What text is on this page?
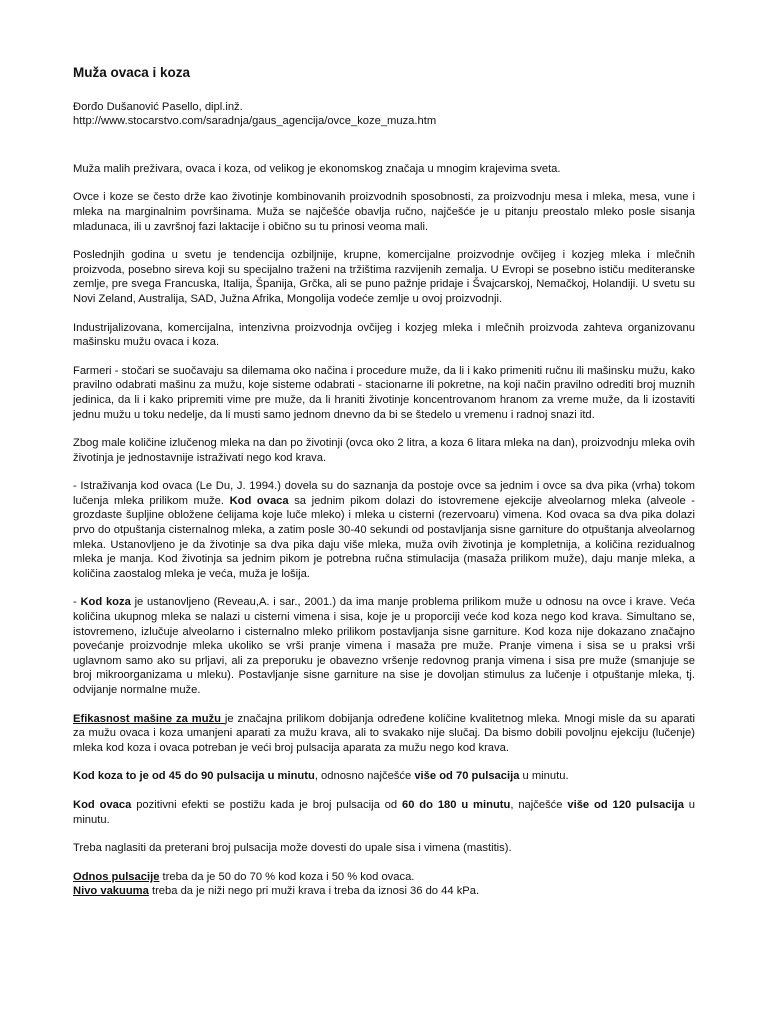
Muža ovaca i koza
Đorđo Dušanović Pasello, dipl.inž.
http://www.stocarstvo.com/saradnja/gaus_agencija/ovce_koze_muza.htm

Muža malih preživara, ovaca i koza, od velikog je ekonomskog značaja u mnogim krajevima sveta.

Ovce i koze se često drže kao životinje kombinovanih proizvodnih sposobnosti, za proizvodnju mesa i mleka, mesa, vune i mleka na marginalnim površinama. Muža se najčešće obavlja ručno, najčešće je u pitanju preostalo mleko posle sisanja mladunaca, ili u završnoj fazi laktacije i obično su tu prinosi veoma mali.

Poslednjih godina u svetu je tendencija ozbiljnije, krupne, komercijalne proizvodnje ovčijeg i kozjeg mleka i mlečnih proizvoda, posebno sireva koji su specijalno traženi na tržištima razvijenih zemalja. U Evropi se posebno ističu mediteranske zemlje, pre svega Francuska, Italija, Španija, Grčka, ali se puno pažnje pridaje i Švajcarskoj, Nemačkoj, Holandiji. U svetu su Novi Zeland, Australija, SAD, Južna Afrika, Mongolija vodeće zemlje u ovoj proizvodnji.

Industrijalizovana, komercijalna, intenzivna proizvodnja ovčijeg i kozjeg mleka i mlečnih proizvoda zahteva organizovanu mašinsku mužu ovaca i koza.

Farmeri - stočari se suočavaju sa dilemama oko načina i procedure muže, da li i kako primeniti ručnu ili mašinsku mužu, kako pravilno odabrati mašinu za mužu, koje sisteme odabrati - stacionarne ili pokretne, na koji način pravilno odrediti broj muznih jedinica, da li i kako pripremiti vime pre muže, da li hraniti životinje koncentrovanom hranom za vreme muže, da li izostaviti jednu mužu u toku nedelje, da li musti samo jednom dnevno da bi se štedelo u vremenu i radnoj snazi itd.

Zbog male količine izlučenog mleka na dan po životinji (ovca oko 2 litra, a koza 6 litara mleka na dan), proizvodnju mleka ovih životinja je jednostavnije istraživati nego kod krava.

- Istraživanja kod ovaca (Le Du, J. 1994.) dovela su do saznanja da postoje ovce sa jednim i ovce sa dva pika (vrha) tokom lučenja mleka prilikom muže. Kod ovaca sa jednim pikom dolazi do istovremene ejekcije alveolarnog mleka (alveole - grozdaste šupljine obložene ćelijama koje luče mleko) i mleka u cisterni (rezervoaru) vimena. Kod ovaca sa dva pika dolazi prvo do otpuštanja cisternalnog mleka, a zatim posle 30-40 sekundi od postavljanja sisne garniture do otpuštanja alveolarnog mleka. Ustanovljeno je da životinje sa dva pika daju više mleka, muža ovih životinja je kompletnija, a količina rezidualnog mleka je manja. Kod životinja sa jednim pikom je potrebna ručna stimulacija (masaža prilikom muže), daju manje mleka, a količina zaostalog mleka je veća, muža je lošija.

- Kod koza je ustanovljeno (Reveau,A. i sar., 2001.) da ima manje problema prilikom muže u odnosu na ovce i krave. Veća količina ukupnog mleka se nalazi u cisterni vimena i sisa, koje je u proporciji veće kod koza nego kod krava. Simultano se, istovremeno, izlučuje alveolarno i cisternalno mleko prilikom postavljanja sisne garniture. Kod koza nije dokazano značajno povećanje proizvodnje mleka ukoliko se vrši pranje vimena i masaža pre muže. Pranje vimena i sisa se u praksi vrši uglavnom samo ako su prljavi, ali za preporuku je obavezno vršenje redovnog pranja vimena i sisa pre muže (smanjuje se broj mikroorganizama u mleku). Postavljanje sisne garniture na sise je dovoljan stimulus za lučenje i otpuštanje mleka, tj. odvijanje normalne muže.

Efikasnost mašine za mužu je značajna prilikom dobijanja određene količine kvalitetnog mleka. Mnogi misle da su aparati za mužu ovaca i koza umanjeni aparati za mužu krava, ali to svakako nije slučaj. Da bismo dobili povoljnu ejekciju (lučenje) mleka kod koza i ovaca potreban je veći broj pulsacija aparata za mužu nego kod krava.

Kod koza to je od 45 do 90 pulsacija u minutu, odnosno najčešće više od 70 pulsacija u minutu.

Kod ovaca pozitivni efekti se postižu kada je broj pulsacija od 60 do 180 u minutu, najčešće više od 120 pulsacija u minutu.

Treba naglasiti da preterani broj pulsacija može dovesti do upale sisa i vimena (mastitis).

Odnos pulsacije treba da je 50 do 70 % kod koza i 50 % kod ovaca.

Nivo vakuuma treba da je niži nego pri muži krava i treba da iznosi 36 do 44 kPa.
